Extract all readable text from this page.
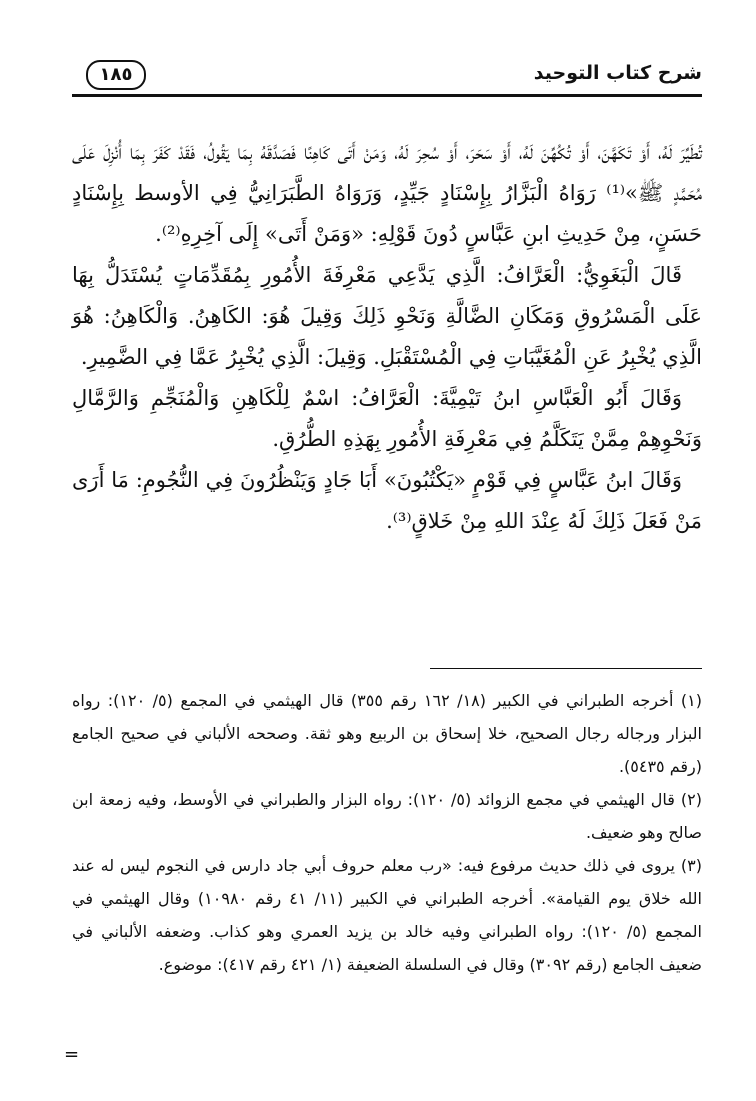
شرح كتاب التوحيد
١٨٥

تُطَيِّرَ لَهُ، أَوْ تَكَهَّنَ، أَوْ تُكُهِّنَ لَهُ، أَوْ سَحَرَ، أَوْ سُحِرَ لَهُ، وَمَنْ أَتَى كَاهِنًا فَصَدَّقَهُ بِمَا يَقُولُ، فَقَدْ كَفَرَ بِمَا أُنْزِلَ عَلَى مُحَمَّدٍ ﷺ»⁽¹⁾ رَوَاهُ الْبَزَّارُ بِإِسْنَادٍ جَيِّدٍ، وَرَوَاهُ الطَّبَرَانِيُّ فِي الأوسط بِإِسْنَادٍ حَسَنٍ، مِنْ حَدِيثِ ابنِ عَبَّاسٍ دُونَ قَوْلِهِ: «وَمَنْ أَتَى» إِلَى آخِرِهِ⁽²⁾.

قَالَ الْبَغَوِيُّ: الْعَرَّافُ: الَّذِي يَدَّعِي مَعْرِفَةَ الأُمُورِ بِمُقَدِّمَاتٍ يُسْتَدَلُّ بِهَا عَلَى الْمَسْرُوقِ وَمَكَانِ الضَّالَّةِ وَنَحْوِ ذَلِكَ وَقِيلَ هُوَ: الكَاهِنُ. وَالْكَاهِنُ: هُوَ الَّذِي يُخْبِرُ عَنِ الْمُغَيَّبَاتِ فِي الْمُسْتَقْبَلِ. وَقِيلَ: الَّذِي يُخْبِرُ عَمَّا فِي الضَّمِيرِ.

وَقَالَ أَبُو الْعَبَّاسِ ابنُ تَيْمِيَّةَ: الْعَرَّافُ: اسْمٌ لِلْكَاهِنِ وَالْمُنَجِّمِ وَالرَّمَّالِ وَنَحْوِهِمْ مِمَّنْ يَتَكَلَّمُ فِي مَعْرِفَةِ الأُمُورِ بِهَذِهِ الطُّرُقِ.

وَقَالَ ابنُ عَبَّاسٍ فِي قَوْمٍ «يَكْتُبُونَ» أَبَا جَادٍ وَيَنْظُرُونَ فِي النُّجُومِ: مَا أَرَى مَنْ فَعَلَ ذَلِكَ لَهُ عِنْدَ اللهِ مِنْ خَلاقٍ⁽³⁾.

(١) أخرجه الطبراني في الكبير (١٨/ ١٦٢ رقم ٣٥٥) قال الهيثمي في المجمع (٥/ ١٢٠): رواه البزار ورجاله رجال الصحيح، خلا إسحاق بن الربيع وهو ثقة. وصححه الألباني في صحيح الجامع (رقم ٥٤٣٥).

(٢) قال الهيثمي في مجمع الزوائد (٥/ ١٢٠): رواه البزار والطبراني في الأوسط، وفيه زمعة ابن صالح وهو ضعيف.

(٣) يروى في ذلك حديث مرفوع فيه: «رب معلم حروف أبي جاد دارس في النجوم ليس له عند الله خلاق يوم القيامة». أخرجه الطبراني في الكبير (١١/ ٤١ رقم ١٠٩٨٠) وقال الهيثمي في المجمع (٥/ ١٢٠): رواه الطبراني وفيه خالد بن يزيد العمري وهو كذاب. وضعفه الألباني في ضعيف الجامع (رقم ٣٠٩٢) وقال في السلسلة الضعيفة (١/ ٤٢١ رقم ٤١٧): موضوع.

=
